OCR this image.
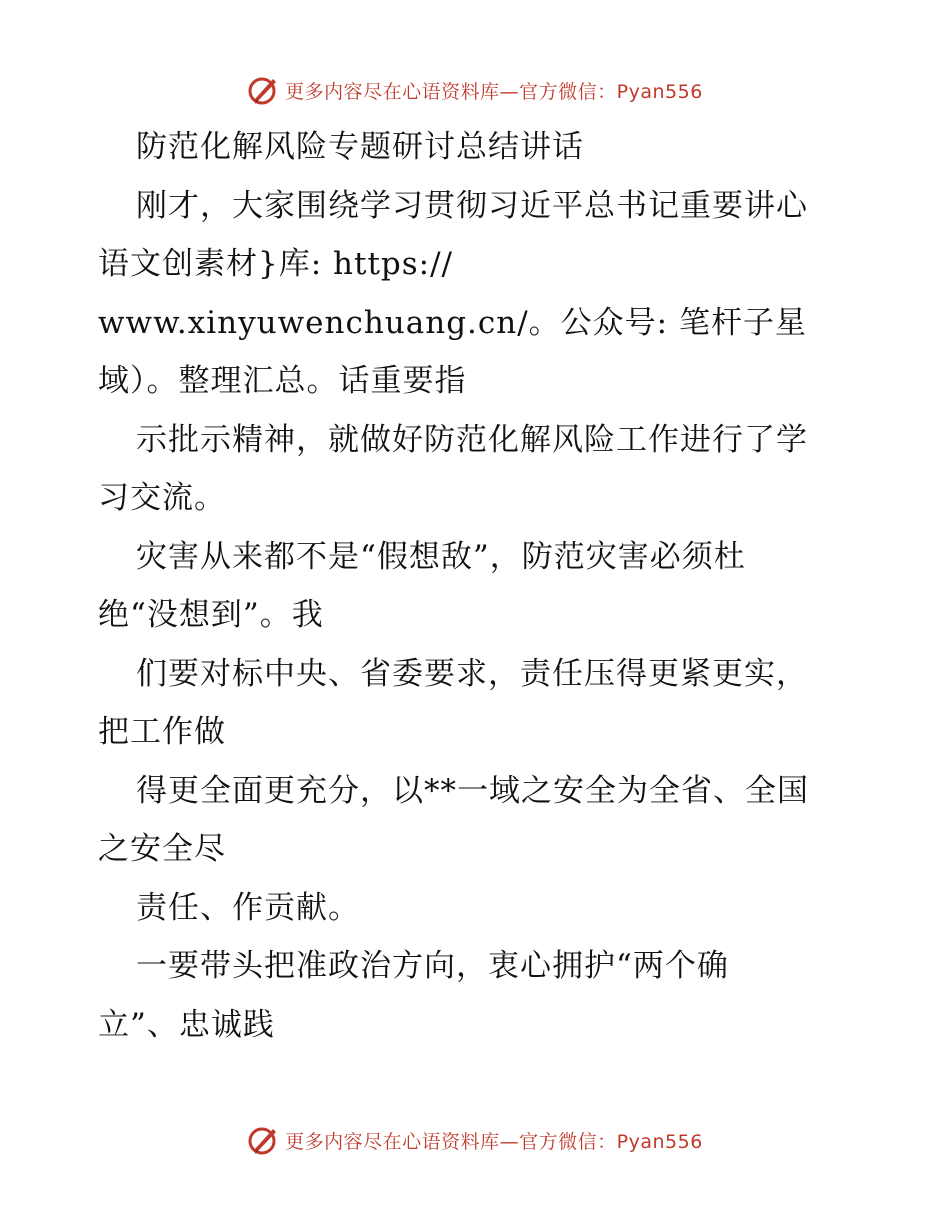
更多内容尽在心语资料库—官方微信：Pyan556
防范化解风险专题研讨总结讲话
刚才，大家围绕学习贯彻习近平总书记重要讲心
语文创素材}库: https://
www.xinyuwenchuang.cn/。公众号: 笔杆子星
域）。整理汇总。话重要指
示批示精神，就做好防范化解风险工作进行了学
习交流。
灾害从来都不是“假想敌”，防范灾害必须杜
绝“没想到”。我
们要对标中央、省委要求，责任压得更紧更实，
把工作做
得更全面更充分，以**一域之安全为全省、全国
之安全尽
责任、作贡献。
一要带头把准政治方向，衷心拥护“两个确
立”、忠诚践
更多内容尽在心语资料库—官方微信：Pyan556
